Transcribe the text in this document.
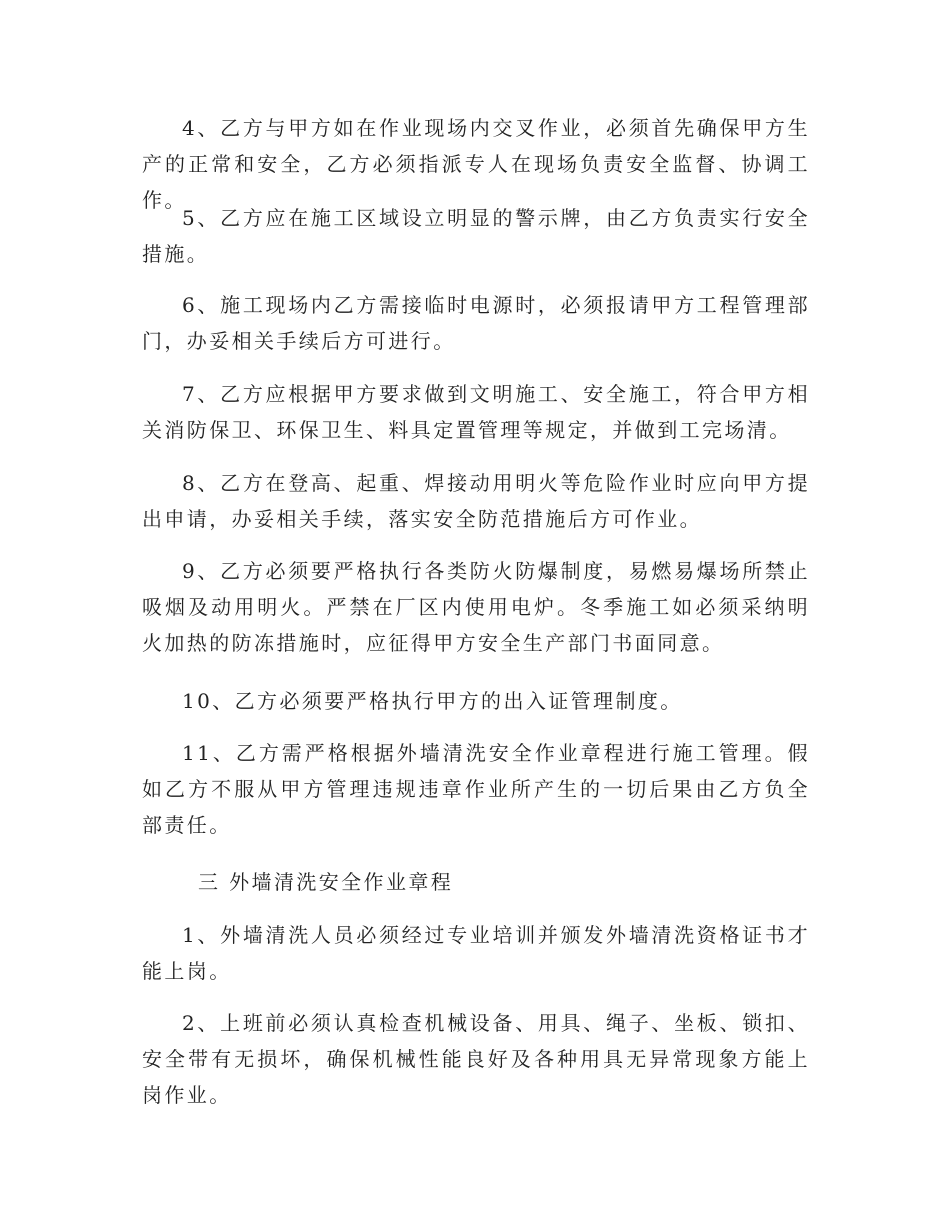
4、乙方与甲方如在作业现场内交叉作业，必须首先确保甲方生产的正常和安全，乙方必须指派专人在现场负责安全监督、协调工作。

5、乙方应在施工区域设立明显的警示牌，由乙方负责实行安全措施。

6、施工现场内乙方需接临时电源时，必须报请甲方工程管理部门，办妥相关手续后方可进行。

7、乙方应根据甲方要求做到文明施工、安全施工，符合甲方相关消防保卫、环保卫生、料具定置管理等规定，并做到工完场清。

8、乙方在登高、起重、焊接动用明火等危险作业时应向甲方提出申请，办妥相关手续，落实安全防范措施后方可作业。

9、乙方必须要严格执行各类防火防爆制度，易燃易爆场所禁止吸烟及动用明火。严禁在厂区内使用电炉。冬季施工如必须采纳明火加热的防冻措施时，应征得甲方安全生产部门书面同意。

10、乙方必须要严格执行甲方的出入证管理制度。

11、乙方需严格根据外墙清洗安全作业章程进行施工管理。假如乙方不服从甲方管理违规违章作业所产生的一切后果由乙方负全部责任。

三 外墙清洗安全作业章程

1、外墙清洗人员必须经过专业培训并颁发外墙清洗资格证书才能上岗。

2、上班前必须认真检查机械设备、用具、绳子、坐板、锁扣、安全带有无损坏，确保机械性能良好及各种用具无异常现象方能上岗作业。
